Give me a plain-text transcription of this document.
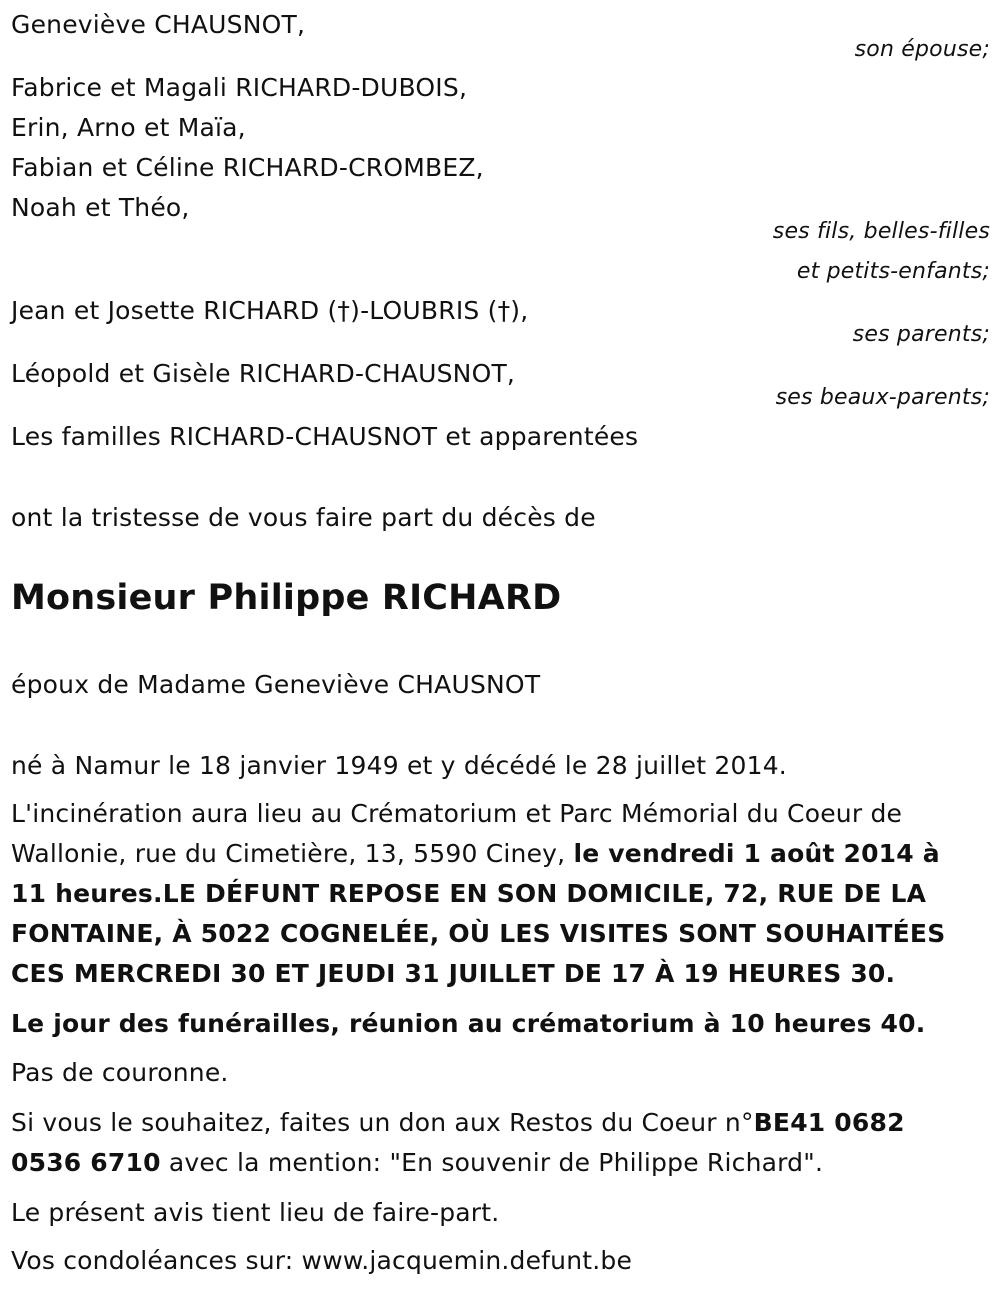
Geneviève CHAUSNOT,
son épouse;
Fabrice et Magali RICHARD-DUBOIS,
Erin, Arno et Maïa,
Fabian et Céline RICHARD-CROMBEZ,
Noah et Théo,
ses fils, belles-filles
et petits-enfants;
Jean et Josette RICHARD (†)-LOUBRIS (†),
ses parents;
Léopold et Gisèle RICHARD-CHAUSNOT,
ses beaux-parents;
Les familles RICHARD-CHAUSNOT et apparentées
ont la tristesse de vous faire part du décès de
Monsieur Philippe RICHARD
époux de Madame Geneviève CHAUSNOT
né à Namur le 18 janvier 1949 et y décédé le 28 juillet 2014.
L'incinération aura lieu au Crématorium et Parc Mémorial du Coeur de Wallonie, rue du Cimetière, 13, 5590 Ciney, le vendredi 1 août 2014 à 11 heures.LE DÉFUNT REPOSE EN SON DOMICILE, 72, RUE DE LA FONTAINE, À 5022 COGNELÉE, OÙ LES VISITES SONT SOUHAITÉES CES MERCREDI 30 ET JEUDI 31 JUILLET DE 17 À 19 HEURES 30.
Le jour des funérailles, réunion au crématorium à 10 heures 40.
Pas de couronne.
Si vous le souhaitez, faites un don aux Restos du Coeur n°BE41 0682 0536 6710 avec la mention: "En souvenir de Philippe Richard".
Le présent avis tient lieu de faire-part.
Vos condoléances sur: www.jacquemin.defunt.be
